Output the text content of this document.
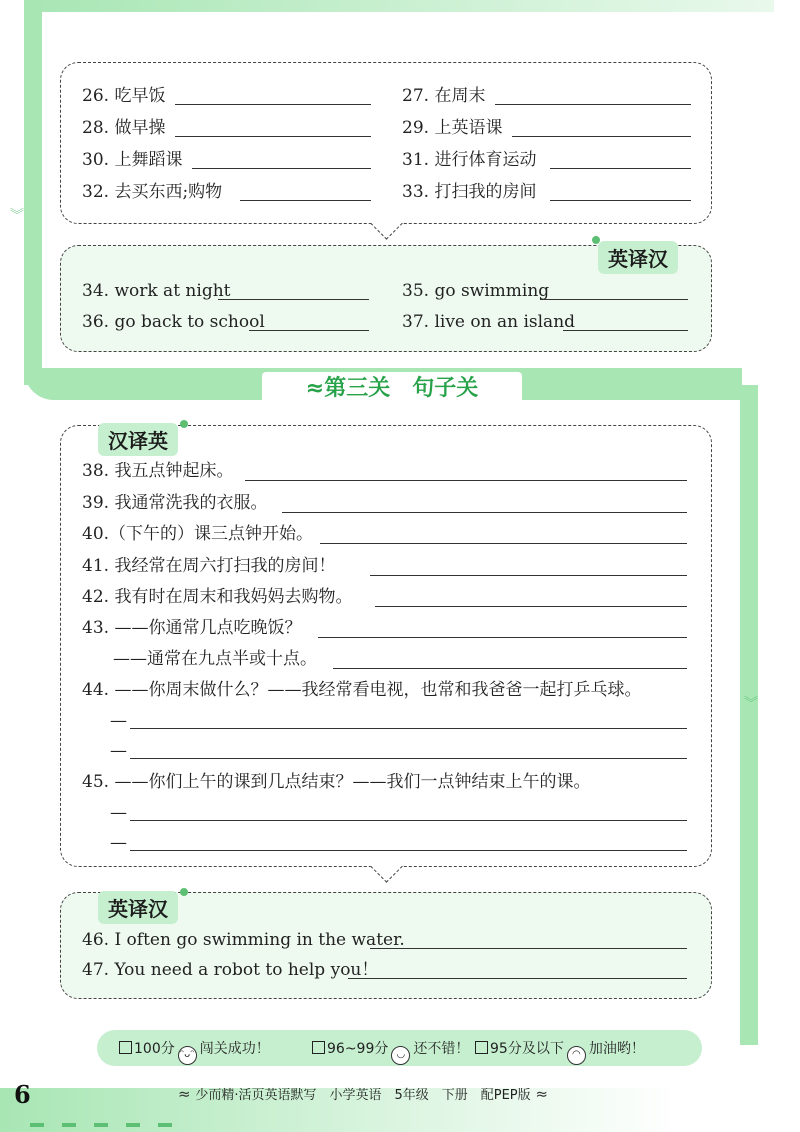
︾
︾
26. 吃早饭	27. 在周末
28. 做早操	29. 上英语课
30. 上舞蹈课	31. 进行体育运动
32. 去买东西;购物	33. 打扫我的房间
英译汉
34. work at night	35. go swimming
36. go back to school	37. live on an island
≈第三关　句子关
汉译英
38. 我五点钟起床。
39. 我通常洗我的衣服。
40.（下午的）课三点钟开始。
41. 我经常在周六打扫我的房间！
42. 我有时在周末和我妈妈去购物。
43. ——你通常几点吃晚饭？
——通常在九点半或十点。
44. ——你周末做什么？——我经常看电视，也常和我爸爸一起打乒乓球。
—
—
45. ——你们上午的课到几点结束？——我们一点钟结束上午的课。
—
—
英译汉
46. I often go swimming in the water.
47. You need a robot to help you！
100分 ᵔᴗᵔ 闯关成功！	96~99分 ◡ 还不错！	95分及以下 ◠ 加油哟！
6	≈ 少而精·活页英语默写　小学英语　5年级　下册　配PEP版 ≈
